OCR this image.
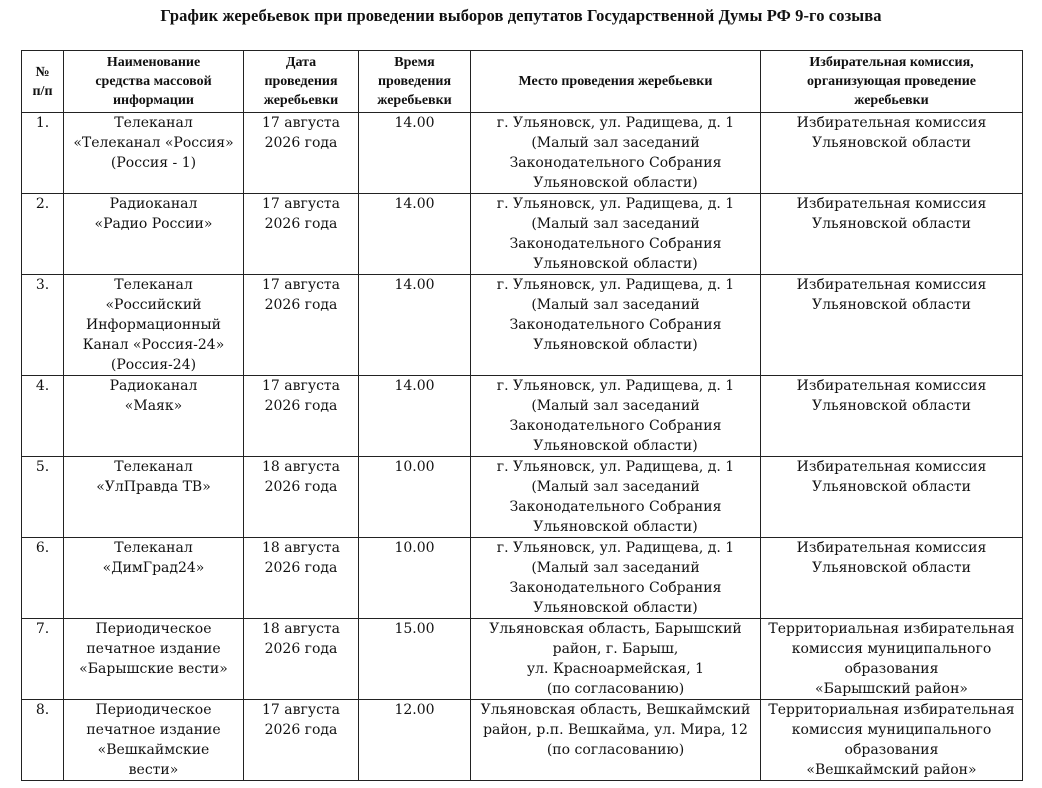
График жеребьевок при проведении выборов депутатов Государственной Думы РФ 9-го созыва
№
п/п	Наименование
средства массовой
информации	Дата
проведения
жеребьевки	Время
проведения
жеребьевки	Место проведения жеребьевки	Избирательная комиссия,
организующая проведение
жеребьевки

1.	Телеканал
«Телеканал «Россия»
(Россия - 1)	17 августа
2026 года	14.00	г. Ульяновск, ул. Радищева, д. 1
(Малый зал заседаний
Законодательного Собрания
Ульяновской области)	Избирательная комиссия
Ульяновской области

2.	Радиоканал
«Радио России»	17 августа
2026 года	14.00	г. Ульяновск, ул. Радищева, д. 1
(Малый зал заседаний
Законодательного Собрания
Ульяновской области)	Избирательная комиссия
Ульяновской области

3.	Телеканал
«Российский
Информационный
Канал «Россия-24»
(Россия-24)	17 августа
2026 года	14.00	г. Ульяновск, ул. Радищева, д. 1
(Малый зал заседаний
Законодательного Собрания
Ульяновской области)	Избирательная комиссия
Ульяновской области

4.	Радиоканал
«Маяк»	17 августа
2026 года	14.00	г. Ульяновск, ул. Радищева, д. 1
(Малый зал заседаний
Законодательного Собрания
Ульяновской области)	Избирательная комиссия
Ульяновской области

5.	Телеканал
«УлПравда ТВ»	18 августа
2026 года	10.00	г. Ульяновск, ул. Радищева, д. 1
(Малый зал заседаний
Законодательного Собрания
Ульяновской области)	Избирательная комиссия
Ульяновской области

6.	Телеканал
«ДимГрад24»	18 августа
2026 года	10.00	г. Ульяновск, ул. Радищева, д. 1
(Малый зал заседаний
Законодательного Собрания
Ульяновской области)	Избирательная комиссия
Ульяновской области

7.	Периодическое
печатное издание
«Барышские вести»	18 августа
2026 года	15.00	Ульяновская область, Барышский
район, г. Барыш,
ул. Красноармейская, 1
(по согласованию)	Территориальная избирательная
комиссия муниципального
образования
«Барышский район»

8.	Периодическое
печатное издание
«Вешкаймские
вести»	17 августа
2026 года	12.00	Ульяновская область, Вешкаймский
район, р.п. Вешкайма, ул. Мира, 12
(по согласованию)	Территориальная избирательная
комиссия муниципального
образования
«Вешкаймский район»
